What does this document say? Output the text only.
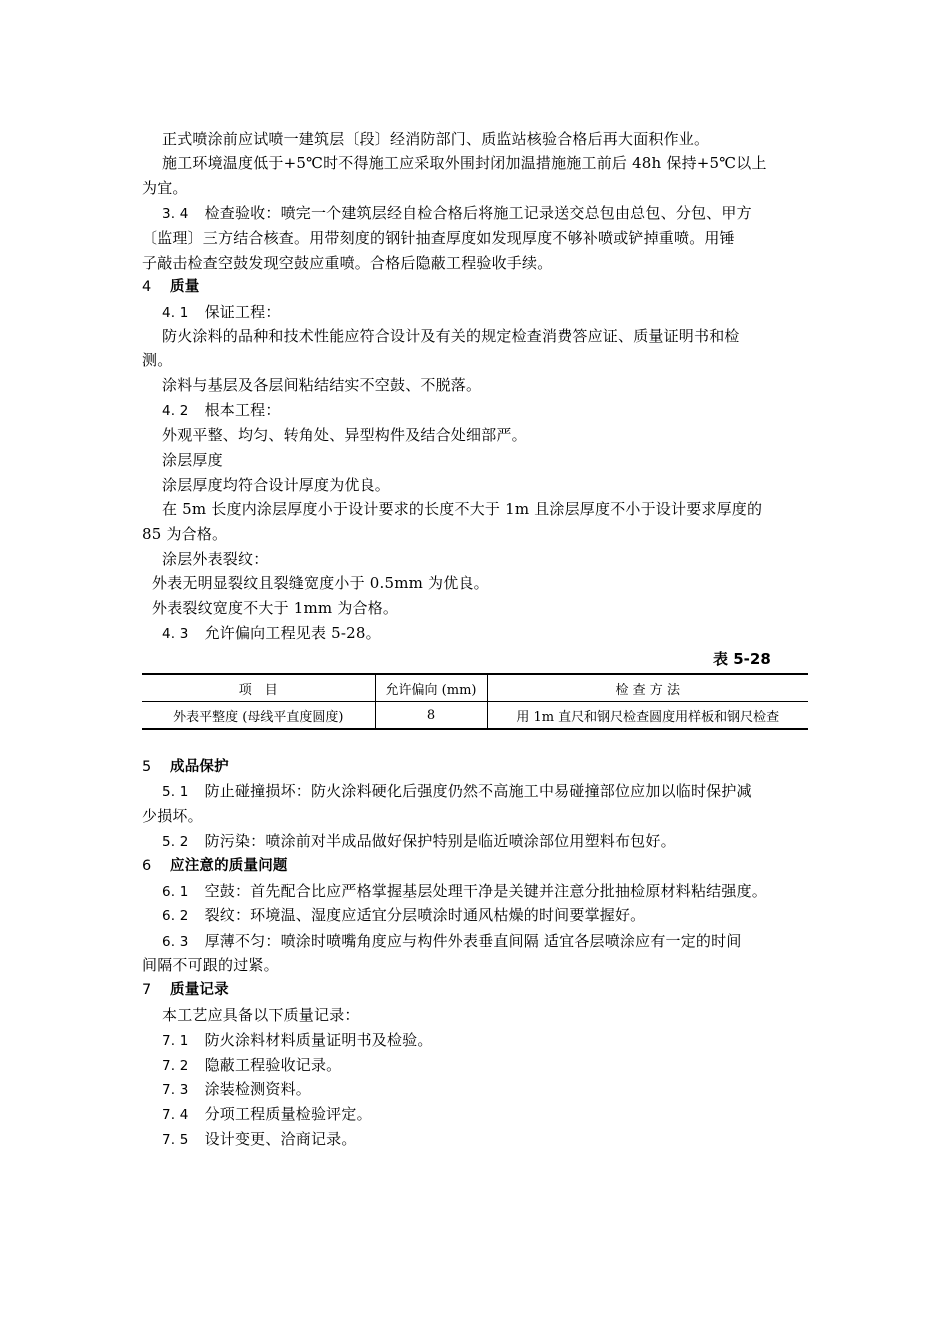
正式喷涂前应试喷一建筑层〔段〕经消防部门、质监站核验合格后再大面积作业。
施工环境温度低于+5℃时不得施工应采取外围封闭加温措施施工前后 48h 保持+5℃以上
为宜。
3. 4 检查验收：喷完一个建筑层经自检合格后将施工记录送交总包由总包、分包、甲方
〔监理〕三方结合核查。用带刻度的钢针抽查厚度如发现厚度不够补喷或铲掉重喷。用锤
子敲击检查空鼓发现空鼓应重喷。合格后隐蔽工程验收手续。
4 质量
4. 1 保证工程：
防火涂料的品种和技术性能应符合设计及有关的规定检查消费答应证、质量证明书和检
测。
涂料与基层及各层间粘结结实不空鼓、不脱落。
4. 2 根本工程：
外观平整、均匀、转角处、异型构件及结合处细部严。
涂层厚度
涂层厚度均符合设计厚度为优良。
在 5m 长度内涂层厚度小于设计要求的长度不大于 1m 且涂层厚度不小于设计要求厚度的
85 为合格。
涂层外表裂纹：
外表无明显裂纹且裂缝宽度小于 0.5mm 为优良。
外表裂纹宽度不大于 1mm 为合格。
4. 3 允许偏向工程见表 5-28。
表 5-28
项　目	允许偏向 (mm)	检 查 方 法
外表平整度 (母线平直度圆度)	8	用 1m 直尺和钢尺检查圆度用样板和钢尺检查
5 成品保护
5. 1 防止碰撞损坏：防火涂料硬化后强度仍然不高施工中易碰撞部位应加以临时保护减
少损坏。
5. 2 防污染：喷涂前对半成品做好保护特别是临近喷涂部位用塑料布包好。
6 应注意的质量问题
6. 1 空鼓：首先配合比应严格掌握基层处理干净是关键并注意分批抽检原材料粘结强度。
6. 2 裂纹：环境温、湿度应适宜分层喷涂时通风枯燥的时间要掌握好。
6. 3 厚薄不匀：喷涂时喷嘴角度应与构件外表垂直间隔 适宜各层喷涂应有一定的时间
间隔不可跟的过紧。
7 质量记录
本工艺应具备以下质量记录：
7. 1 防火涂料材料质量证明书及检验。
7. 2 隐蔽工程验收记录。
7. 3 涂装检测资料。
7. 4 分项工程质量检验评定。
7. 5 设计变更、洽商记录。
